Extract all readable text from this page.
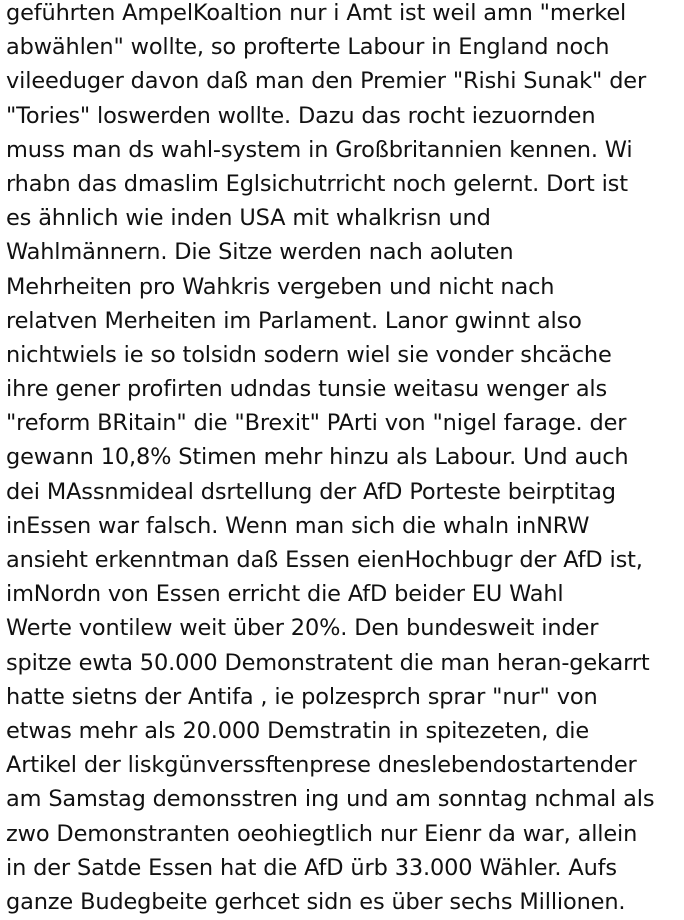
geführten AmpelKoaltion nur i Amt ist weil amn "merkel
abwählen" wollte, so profterte Labour in England noch
vileeduger davon daß man den Premier "Rishi Sunak" der
"Tories" loswerden wollte. Dazu das rocht iezuornden
muss man ds wahl-system in Großbritannien kennen. Wi
rhabn das dmaslim Eglsichutrricht noch gelernt. Dort ist
es ähnlich wie inden USA mit whalkrisn und
Wahlmännern. Die Sitze werden nach aoluten
Mehrheiten pro Wahkris vergeben und nicht nach
relatven Merheiten im Parlament. Lanor gwinnt also
nichtwiels ie so tolsidn sodern wiel sie vonder shcäche
ihre gener profirten udndas tunsie weitasu wenger als
"reform BRitain" die "Brexit" PArti von "nigel farage. der
gewann 10,8% Stimen mehr hinzu als Labour. Und auch
dei MAssnmideal dsrtellung der AfD Porteste beirptitag
inEssen war falsch. Wenn man sich die whaln inNRW
ansieht erkenntman daß Essen eienHochbugr der AfD ist,
imNordn von Essen erricht die AfD beider EU Wahl
Werte vontilew weit über 20%. Den bundesweit inder
spitze ewta 50.000 Demonstratent die man heran-gekarrt
hatte sietns der Antifa , ie polzesprch sprar "nur" von
etwas mehr als 20.000 Demstratin in spitezeten, die
Artikel der liskgünverssftenprese dneslebendostartender
am Samstag demonsstren ing und am sonntag nchmal als
zwo Demonstranten oeohiegtlich nur Eienr da war, allein
in der Satde Essen hat die AfD ürb 33.000 Wähler. Aufs
ganze Budegbeite gerhcet sidn es über sechs Millionen.
